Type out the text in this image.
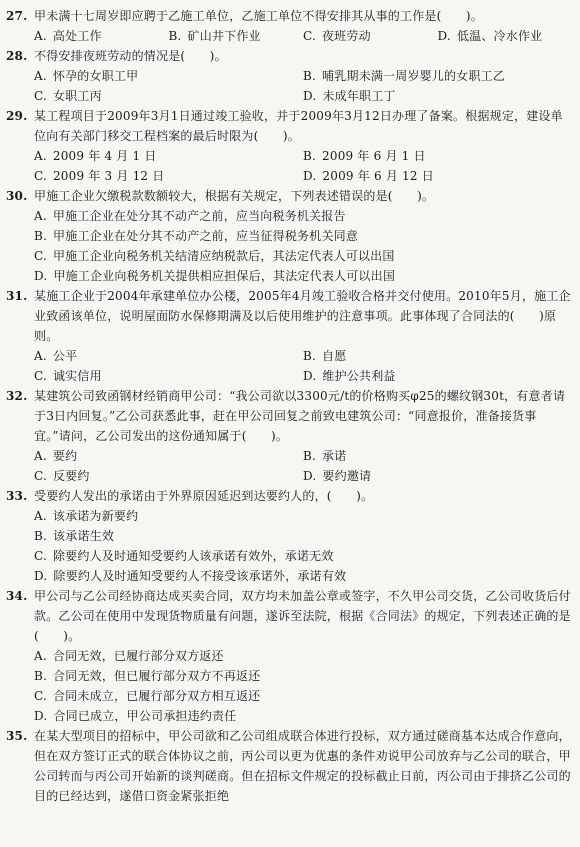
27. 甲未满十七周岁即应聘于乙施工单位，乙施工单位不得安排其从事的工作是(　　)。
A. 高处工作	B. 矿山井下作业	C. 夜班劳动	D. 低温、冷水作业
28. 不得安排夜班劳动的情况是(　　)。
A. 怀孕的女职工甲	B. 哺乳期未满一周岁婴儿的女职工乙
C. 女职工丙	D. 未成年职工丁
29. 某工程项目于2009年3月1日通过竣工验收，并于2009年3月12日办理了备案。根据规定，建设单位向有关部门移交工程档案的最后时限为(　　)。
A. 2009 年 4 月 1 日	B. 2009 年 6 月 1 日
C. 2009 年 3 月 12 日	D. 2009 年 6 月 12 日
30. 甲施工企业欠缴税款数额较大，根据有关规定，下列表述错误的是(　　)。
A. 甲施工企业在处分其不动产之前，应当向税务机关报告
B. 甲施工企业在处分其不动产之前，应当征得税务机关同意
C. 甲施工企业向税务机关结清应纳税款后，其法定代表人可以出国
D. 甲施工企业向税务机关提供相应担保后，其法定代表人可以出国
31. 某施工企业于2004年承建单位办公楼，2005年4月竣工验收合格并交付使用。2010年5月，施工企业致函该单位，说明屋面防水保修期满及以后使用维护的注意事项。此事体现了合同法的(　　)原则。
A. 公平	B. 自愿
C. 诚实信用	D. 维护公共利益
32. 某建筑公司致函钢材经销商甲公司：“我公司欲以3300元/t的价格购买φ25的螺纹钢30t，有意者请于3日内回复。”乙公司获悉此事，赶在甲公司回复之前致电建筑公司：“同意报价，准备接货事宜。”请问，乙公司发出的这份通知属于(　　)。
A. 要约	B. 承诺
C. 反要约	D. 要约邀请
33. 受要约人发出的承诺由于外界原因延迟到达要约人的，(　　)。
A. 该承诺为新要约
B. 该承诺生效
C. 除要约人及时通知受要约人该承诺有效外，承诺无效
D. 除要约人及时通知受要约人不接受该承诺外，承诺有效
34. 甲公司与乙公司经协商达成买卖合同，双方均未加盖公章或签字，不久甲公司交货，乙公司收货后付款。乙公司在使用中发现货物质量有问题，遂诉至法院，根据《合同法》的规定，下列表述正确的是(　　)。
A. 合同无效，已履行部分双方返还
B. 合同无效，但已履行部分双方不再返还
C. 合同未成立，已履行部分双方相互返还
D. 合同已成立，甲公司承担违约责任
35. 在某大型项目的招标中，甲公司欲和乙公司组成联合体进行投标，双方通过磋商基本达成合作意向，但在双方签订正式的联合体协议之前，丙公司以更为优惠的条件劝说甲公司放弃与乙公司的联合，甲公司转而与丙公司开始新的谈判磋商。但在招标文件规定的投标截止日前，丙公司由于排挤乙公司的目的已经达到，遂借口资金紧张拒绝
